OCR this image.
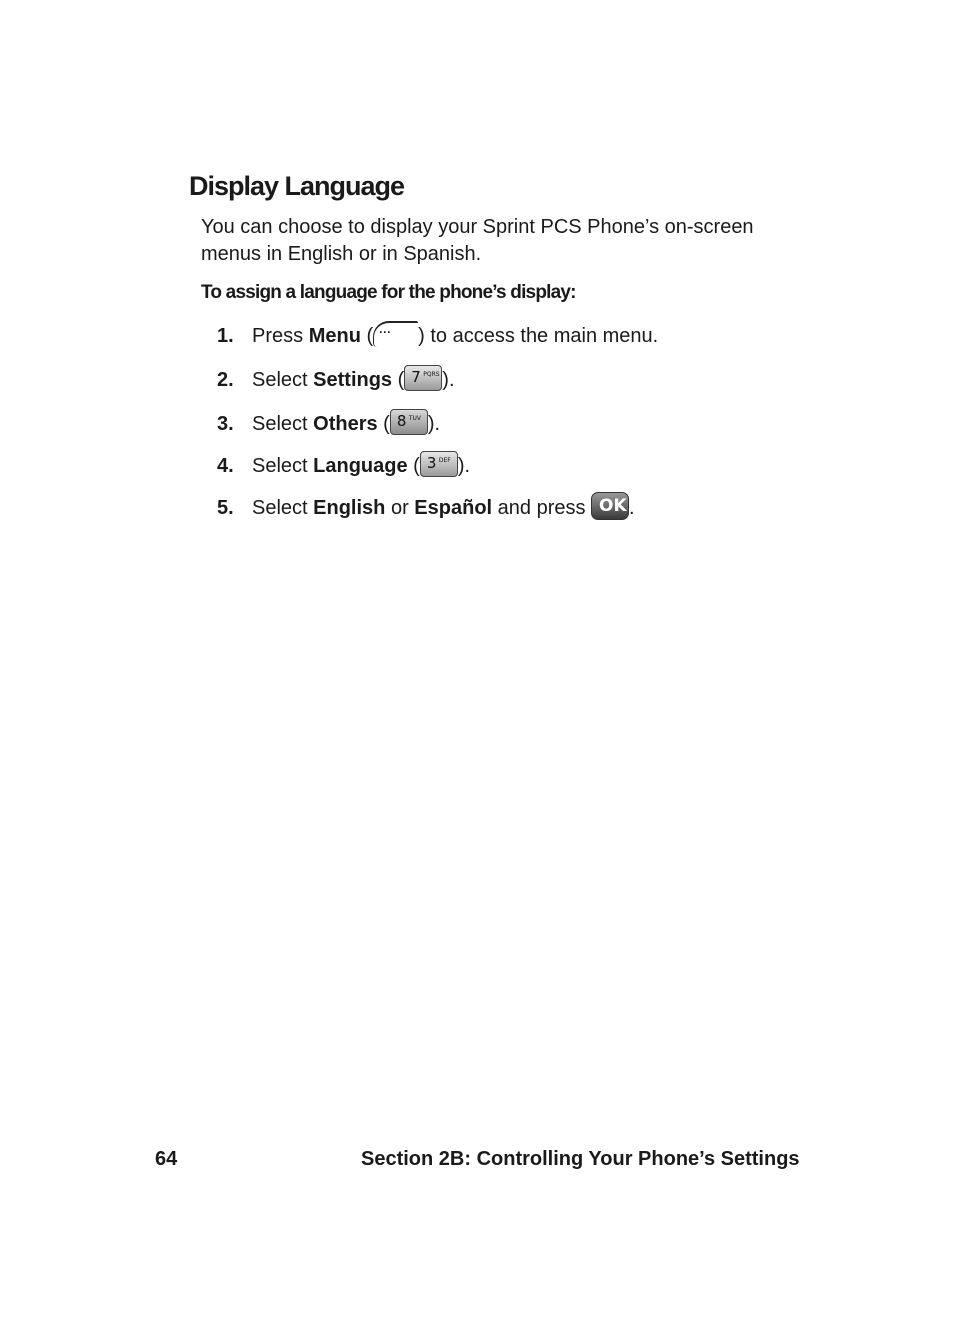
Display Language

You can choose to display your Sprint PCS Phone’s on-screen menus in English or in Spanish.

To assign a language for the phone’s display:

1. Press Menu ( ··· ) to access the main menu.
2. Select Settings ( 7 PQRS ).
3. Select Others ( 8 TUV ).
4. Select Language ( 3 DEF ).
5. Select English or Español and press OK .
64	Section 2B: Controlling Your Phone’s Settings
